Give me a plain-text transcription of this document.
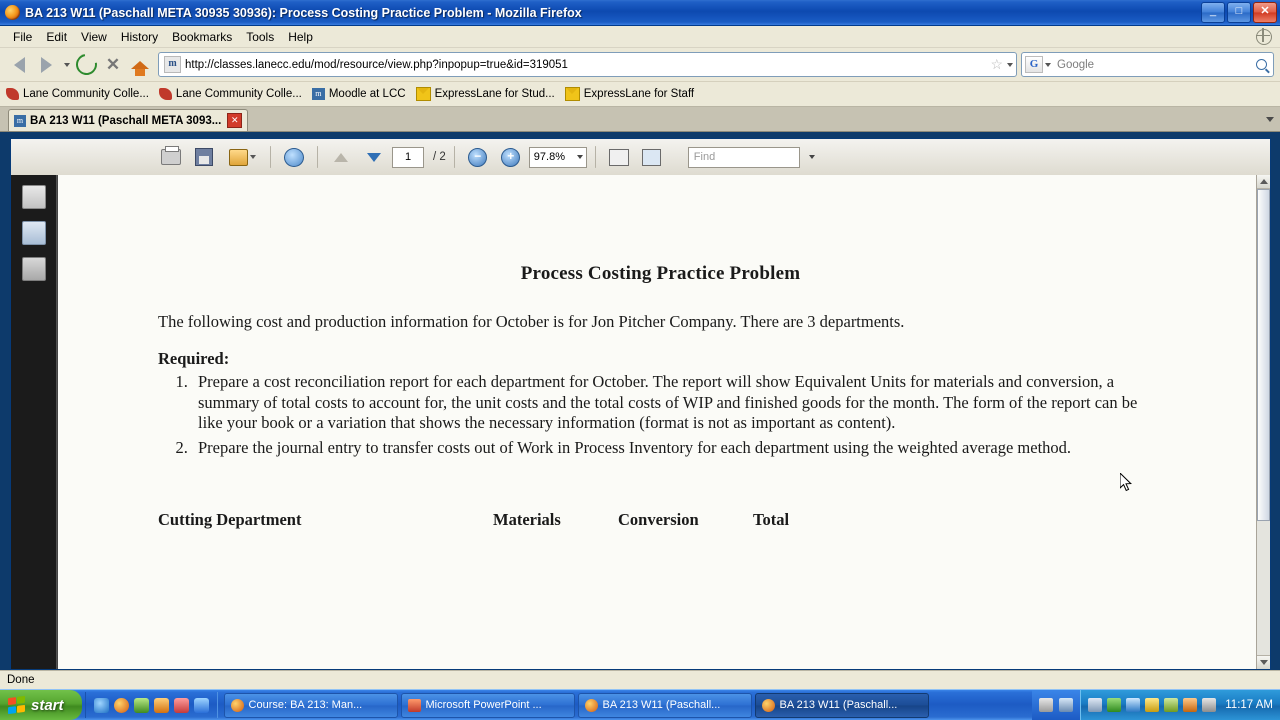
BA 213 W11 (Paschall META 30935 30936): Process Costing Practice Problem - Mozilla Firefox	_	□	✕
File	Edit	View	History	Bookmarks	Tools	Help
✕	m http://classes.lanecc.edu/mod/resource/view.php?inpopup=true&id=319051	☆	G	Google
Lane Community Colle... Lane Community Colle...	m Moodle at LCC	ExpressLane for Stud...	ExpressLane for Staff
m BA 213 W11 (Paschall META 3093...	✕
1	/ 2	−	+	97.8%	Find
Process Costing Practice Problem

The following cost and production information for October is for Jon Pitcher Company. There are 3 departments.

Required:
1. Prepare a cost reconciliation report for each department for October. The report will show Equivalent Units for materials and conversion, a summary of total costs to account for, the unit costs and the total costs of WIP and finished goods for the month. The form of the report can be like your book or a variation that shows the necessary information (format is not as important as content).
2. Prepare the journal entry to transfer costs out of Work in Process Inventory for each department using the weighted average method.
Cutting Department	Materials	Conversion	Total
Done
start	Course: BA 213: Man...	Microsoft PowerPoint ...	BA 213 W11 (Paschall...	BA 213 W11 (Paschall...	11:17 AM
